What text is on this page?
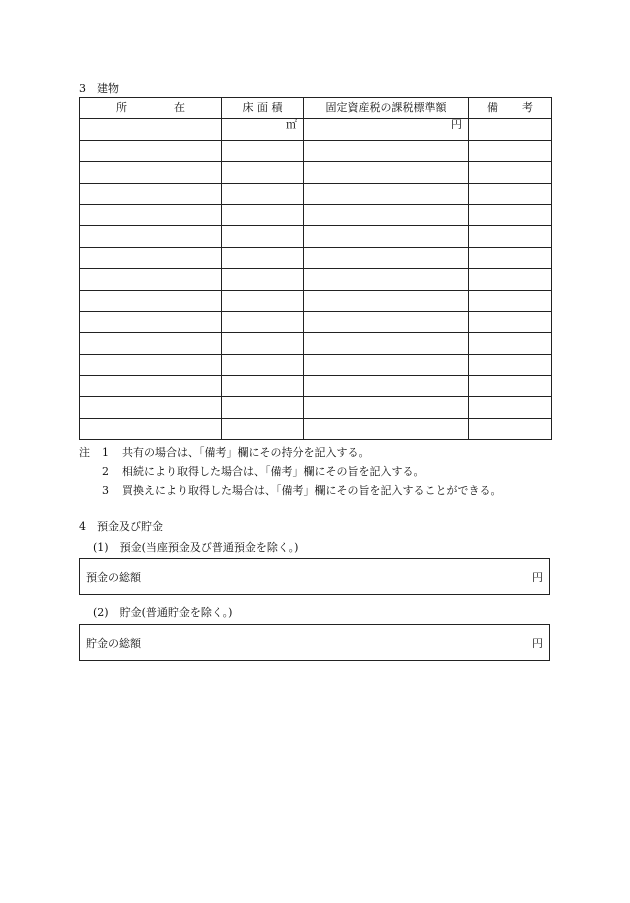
3　建物
所 在	床 面 積	固定資産税の課税標準額	備 考

	㎡	円	

注	1	共有の場合は、「備考」欄にその持分を記入する。
2	相続により取得した場合は、「備考」欄にその旨を記入する。
3	買換えにより取得した場合は、「備考」欄にその旨を記入することができる。
4　預金及び貯金
(1)　預金(当座預金及び普通預金を除く。)
預金の総額	円
(2)　貯金(普通貯金を除く。)
貯金の総額	円
